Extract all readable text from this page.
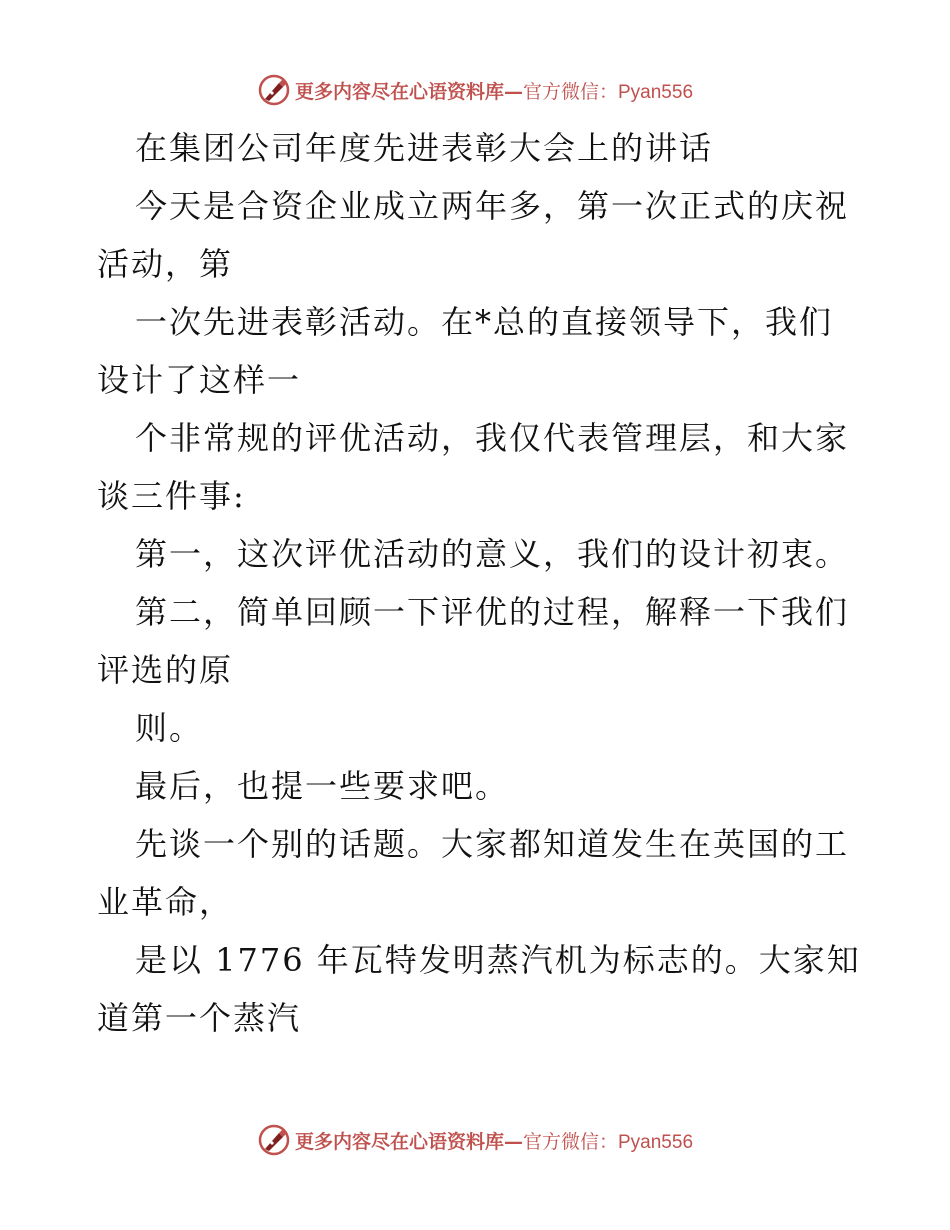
更多内容尽在心语资料库— 官方微信：Pyan556
在集团公司年度先进表彰大会上的讲话
今天是合资企业成立两年多，第一次正式的庆祝
活动，第
一次先进表彰活动。在*总的直接领导下，我们
设计了这样一
个非常规的评优活动，我仅代表管理层，和大家
谈三件事:
第一，这次评优活动的意义，我们的设计初衷。
第二，简单回顾一下评优的过程，解释一下我们
评选的原
则。
最后，也提一些要求吧。
先谈一个别的话题。大家都知道发生在英国的工
业革命，
是以 1776 年瓦特发明蒸汽机为标志的。大家知
道第一个蒸汽
更多内容尽在心语资料库— 官方微信：Pyan556
